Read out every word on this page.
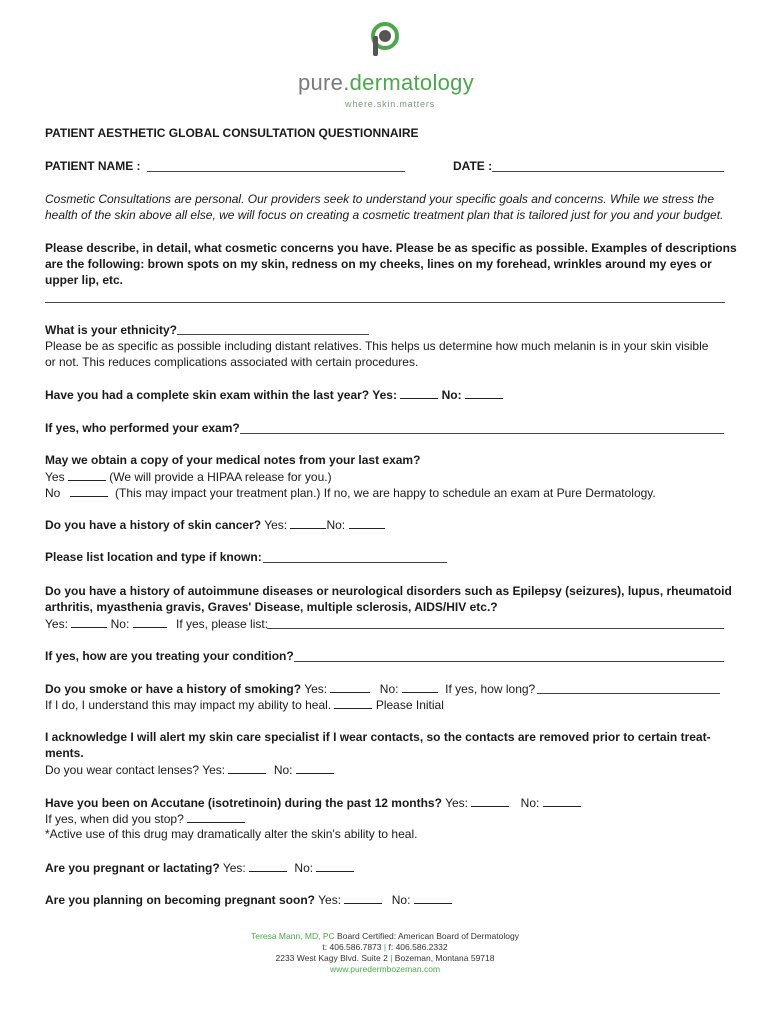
pure.dermatology
where.skin.matters
PATIENT AESTHETIC GLOBAL CONSULTATION QUESTIONNAIRE
PATIENT NAME :	DATE :
Cosmetic Consultations are personal. Our providers seek to understand your specific goals and concerns. While we stress the
health of the skin above all else, we will focus on creating a cosmetic treatment plan that is tailored just for you and your budget.
Please describe, in detail, what cosmetic concerns you have. Please be as specific as possible. Examples of descriptions
are the following: brown spots on my skin, redness on my cheeks, lines on my forehead, wrinkles around my eyes or
upper lip, etc.
What is your ethnicity?
Please be as specific as possible including distant relatives. This helps us determine how much melanin is in your skin visible
or not. This reduces complications associated with certain procedures.
Have you had a complete skin exam within the last year? Yes:	No:
If yes, who performed your exam?
May we obtain a copy of your medical notes from your last exam?
Yes	(We will provide a HIPAA release for you.)
No	(This may impact your treatment plan.) If no, we are happy to schedule an exam at Pure Dermatology.
Do you have a history of skin cancer? Yes:	No:
Please list location and type if known:
Do you have a history of autoimmune diseases or neurological disorders such as Epilepsy (seizures), lupus, rheumatoid
arthritis, myasthenia gravis, Graves' Disease, multiple sclerosis, AIDS/HIV etc.?
Yes:	No:	If yes, please list:
If yes, how are you treating your condition?
Do you smoke or have a history of smoking? Yes:	No:	If yes, how long?
If I do, I understand this may impact my ability to heal.	Please Initial
I acknowledge I will alert my skin care specialist if I wear contacts, so the contacts are removed prior to certain treat-
ments.
Do you wear contact lenses? Yes:	No:
Have you been on Accutane (isotretinoin) during the past 12 months? Yes:	No:
If yes, when did you stop?
*Active use of this drug may dramatically alter the skin's ability to heal.
Are you pregnant or lactating? Yes:	No:
Are you planning on becoming pregnant soon? Yes:	No:
Teresa Mann, MD, PC Board Certified: American Board of Dermatology
t: 406.586.7873 | f: 406.586.2332
2233 West Kagy Blvd. Suite 2 | Bozeman, Montana 59718
www.puredermbozeman.com
